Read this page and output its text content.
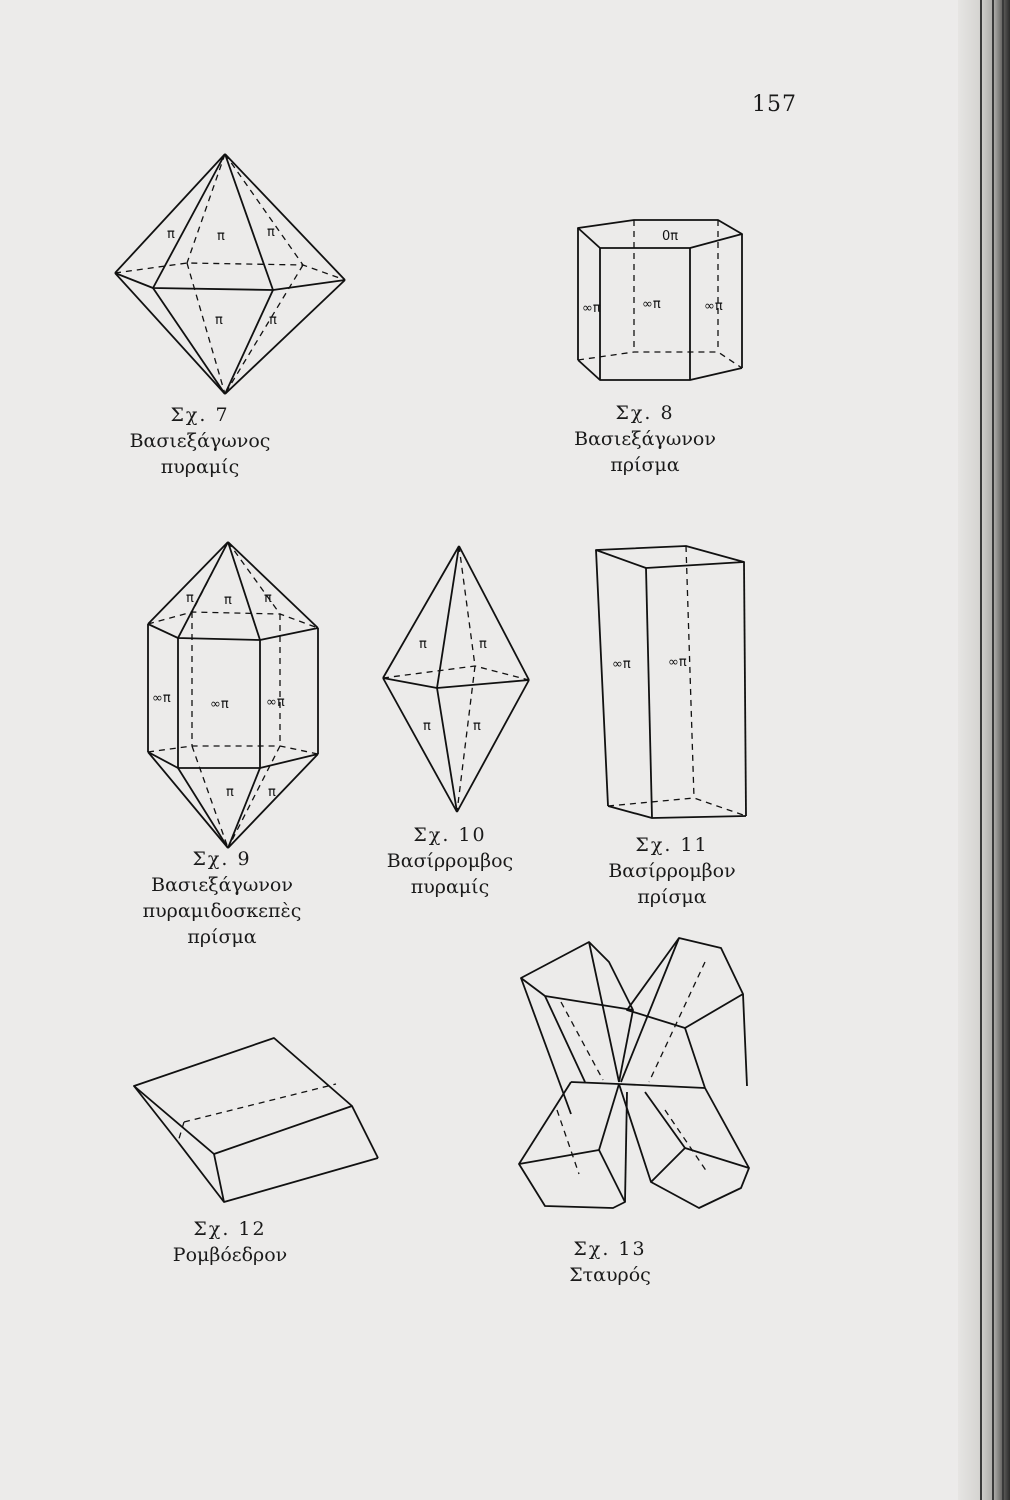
157
π	π	π
π	π
Σχ. 7
Βασιεξάγωνος
πυραμίς
0π
∞π	∞π	∞π
Σχ. 8
Βασιεξάγωνον
πρίσμα
π π π
∞π	∞π	∞π
π	π
Σχ. 9
Βασιεξάγωνον
πυραμιδοσκεπὲς
πρίσμα
π	π
π	π
Σχ. 10
Βασίρρομβος
πυραμίς
∞π	∞π
Σχ. 11
Βασίρρομβον
πρίσμα
Σχ. 12
Ρομβόεδρον	Σχ. 13
Σταυρός
